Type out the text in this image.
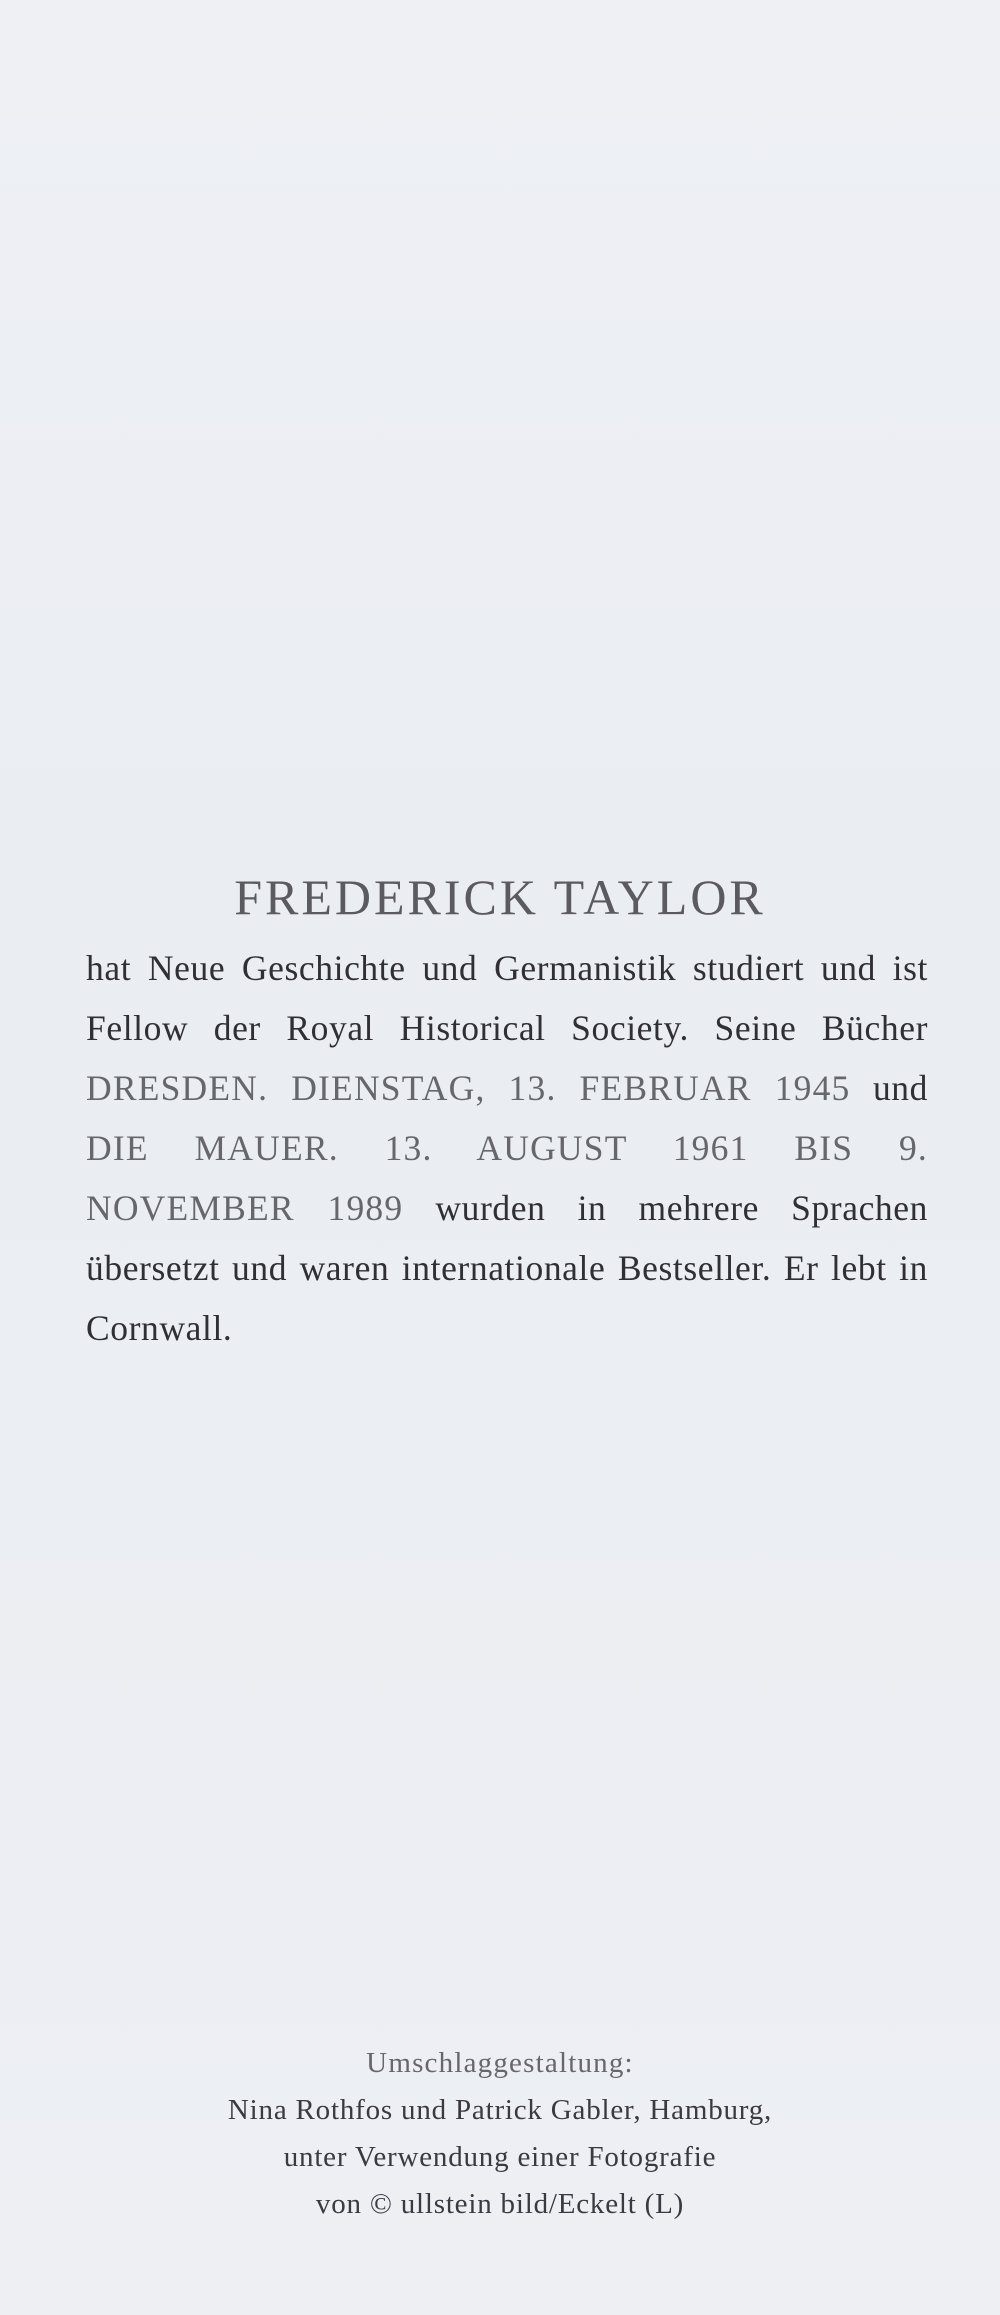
FREDERICK TAYLOR

hat Neue Geschichte und Germanistik studiert und ist Fellow der Royal Historical Society. Seine Bücher DRESDEN. DIENSTAG, 13. FEBRUAR 1945 und DIE MAUER. 13. AUGUST 1961 BIS 9. NOVEMBER 1989 wurden in mehrere Sprachen übersetzt und waren internationale Bestseller. Er lebt in Cornwall.

Umschlaggestaltung:
Nina Rothfos und Patrick Gabler, Hamburg,
unter Verwendung einer Fotografie
von © ullstein bild/Eckelt (L)
